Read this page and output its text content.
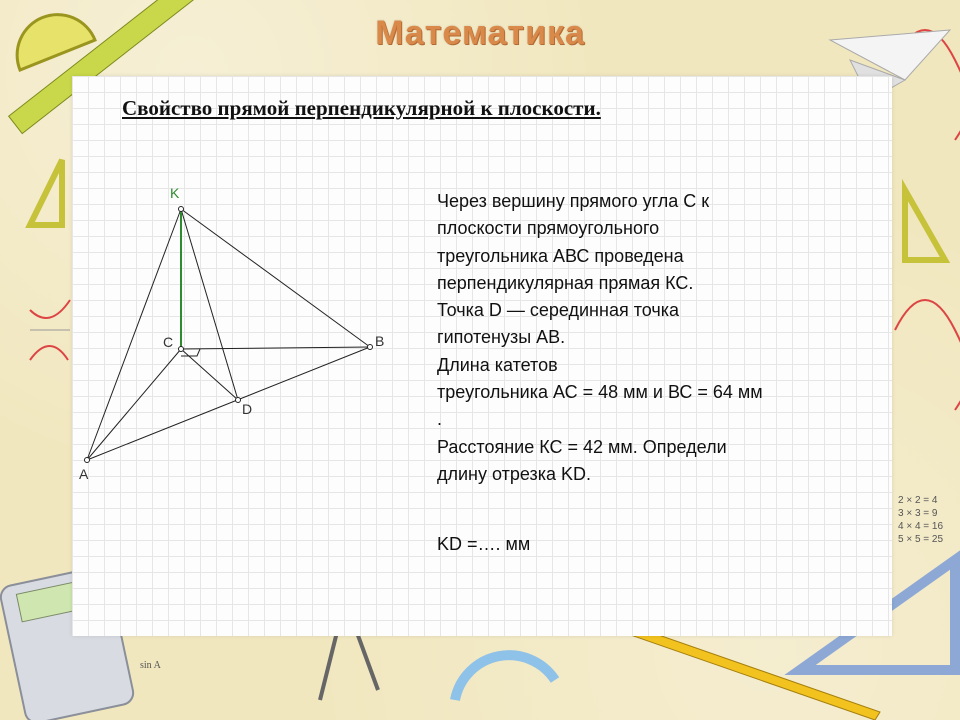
Математика
Свойство прямой перпендикулярной к плоскости.
K
C	B
A
D

Через вершину прямого угла С к

плоскости прямоугольного

треугольника АВС проведена

перпендикулярная прямая КС.

Точка D — серединная точка

гипотенузы АВ.

Длина катетов

треугольника АС = 48 мм и ВС = 64 мм

.

Расстояние КС = 42 мм. Определи

длину отрезка KD.

KD =…. мм
sin A
2 × 2 = 4
3 × 3 = 9
4 × 4 = 16
5 × 5 = 25
